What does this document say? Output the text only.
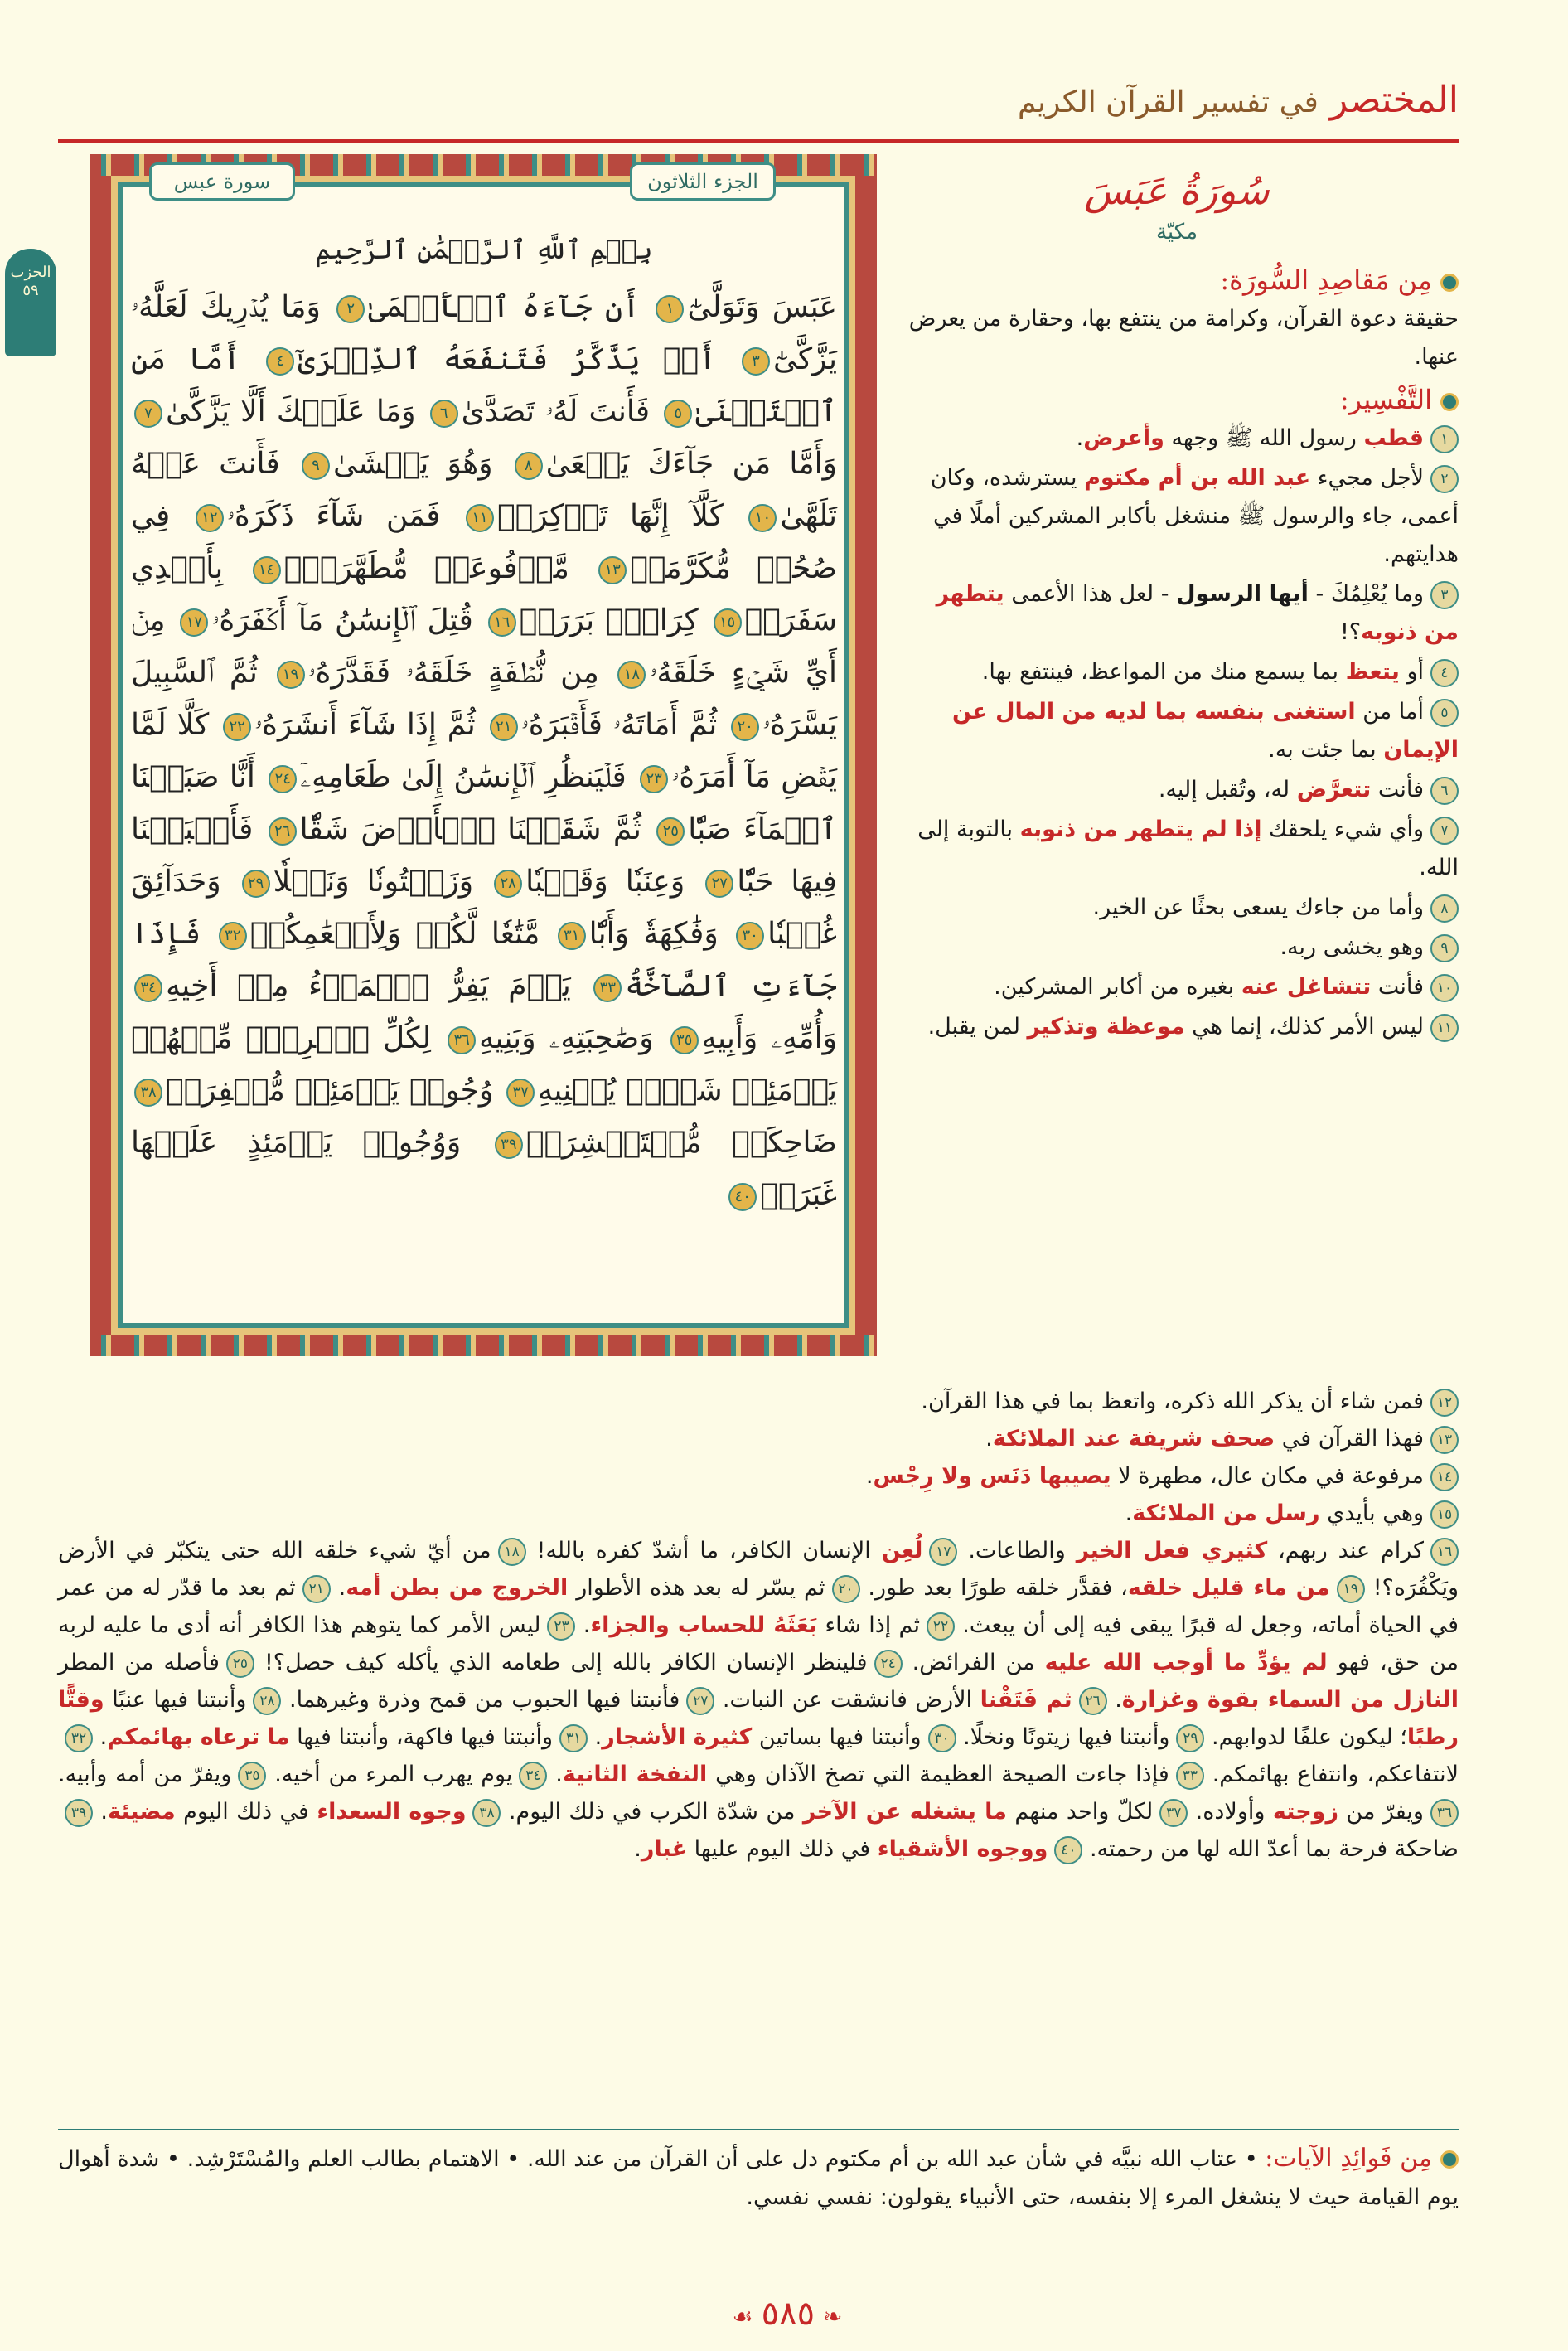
المختصر في تفسير القرآن الكريم
الحزب ٥٩
الجزء الثلاثون
سورة عبس
بِسۡمِ ٱللَّهِ ٱلرَّحۡمَٰنِ ٱلرَّحِيمِ
عَبَسَ وَتَوَلَّىٰٓ١ أَن جَآءَهُ ٱلۡأَعۡمَىٰ٢ وَمَا يُدۡرِيكَ لَعَلَّهُۥ يَزَّكَّىٰٓ٣ أَوۡ يَذَّكَّرُ فَتَنفَعَهُ ٱلذِّكۡرَىٰٓ٤ أَمَّا مَنِ ٱسۡتَغۡنَىٰ٥ فَأَنتَ لَهُۥ تَصَدَّىٰ٦ وَمَا عَلَيۡكَ أَلَّا يَزَّكَّىٰ٧ وَأَمَّا مَن جَآءَكَ يَسۡعَىٰ٨ وَهُوَ يَخۡشَىٰ٩ فَأَنتَ عَنۡهُ تَلَهَّىٰ١٠ كَلَّآ إِنَّهَا تَذۡكِرَةٞ١١ فَمَن شَآءَ ذَكَرَهُۥ١٢ فِي صُحُفٖ مُّكَرَّمَةٖ١٣ مَّرۡفُوعَةٖ مُّطَهَّرَةِۭ١٤ بِأَيۡدِي سَفَرَةٖ١٥ كِرَامِۭ بَرَرَةٖ١٦ قُتِلَ ٱلۡإِنسَٰنُ مَآ أَكۡفَرَهُۥ١٧ مِنۡ أَيِّ شَيۡءٍ خَلَقَهُۥ١٨ مِن نُّطۡفَةٍ خَلَقَهُۥ فَقَدَّرَهُۥ١٩ ثُمَّ ٱلسَّبِيلَ يَسَّرَهُۥ٢٠ ثُمَّ أَمَاتَهُۥ فَأَقۡبَرَهُۥ٢١ ثُمَّ إِذَا شَآءَ أَنشَرَهُۥ٢٢ كَلَّا لَمَّا يَقۡضِ مَآ أَمَرَهُۥ٢٣ فَلۡيَنظُرِ ٱلۡإِنسَٰنُ إِلَىٰ طَعَامِهِۦٓ٢٤ أَنَّا صَبَبۡنَا ٱلۡمَآءَ صَبّٗا٢٥ ثُمَّ شَقَقۡنَا ٱلۡأَرۡضَ شَقّٗا٢٦ فَأَنۢبَتۡنَا فِيهَا حَبّٗا٢٧ وَعِنَبٗا وَقَضۡبٗا٢٨ وَزَيۡتُونٗا وَنَخۡلٗا٢٩ وَحَدَآئِقَ غُلۡبٗا٣٠ وَفَٰكِهَةٗ وَأَبّٗا٣١ مَّتَٰعٗا لَّكُمۡ وَلِأَنۡعَٰمِكُمۡ٣٢ فَإِذَا جَآءَتِ ٱلصَّآخَّةُ٣٣ يَوۡمَ يَفِرُّ ٱلۡمَرۡءُ مِنۡ أَخِيهِ٣٤ وَأُمِّهِۦ وَأَبِيهِ٣٥ وَصَٰحِبَتِهِۦ وَبَنِيهِ٣٦ لِكُلِّ ٱمۡرِيٕٖ مِّنۡهُمۡ يَوۡمَئِذٖ شَأۡنٞ يُغۡنِيهِ٣٧ وُجُوهٞ يَوۡمَئِذٖ مُّسۡفِرَةٞ٣٨ ضَاحِكَةٞ مُّسۡتَبۡشِرَةٞ٣٩ وَوُجُوهٞ يَوۡمَئِذٍ عَلَيۡهَا غَبَرَةٞ٤٠
سُورَةُ عَبَسَ
مكيّة
مِن مَقاصِدِ السُّورَة:
حقيقة دعوة القرآن، وكرامة من ينتفع بها، وحقارة من يعرض عنها.
التَّفْسِير:
١قطب رسول الله ﷺ وجهه وأعرض.
٢لأجل مجيء عبد الله بن أم مكتوم يسترشده، وكان أعمى، جاء والرسول ﷺ منشغل بأكابر المشركين أملًا في هدايتهم.
٣وما يُعْلِمُكَ - أيها الرسول - لعل هذا الأعمى يتطهر من ذنوبه؟!
٤أو يتعظ بما يسمع منك من المواعظ، فينتفع بها.
٥أما من استغنى بنفسه بما لديه من المال عن الإيمان بما جئت به.
٦فأنت تتعرَّض له، وتُقبل إليه.
٧وأي شيء يلحقك إذا لم يتطهر من ذنوبه بالتوبة إلى الله.
٨وأما من جاءك يسعى بحثًا عن الخير.
٩وهو يخشى ربه.
١٠فأنت تتشاغل عنه بغيره من أكابر المشركين.
١١ليس الأمر كذلك، إنما هي موعظة وتذكير لمن يقبل.
١٢فمن شاء أن يذكر الله ذكره، واتعظ بما في هذا القرآن.
١٣فهذا القرآن في صحف شريفة عند الملائكة.
١٤مرفوعة في مكان عال، مطهرة لا يصيبها دَنَس ولا رِجْس.
١٥وهي بأيدي رسل من الملائكة.
١٦كرام عند ربهم، كثيري فعل الخير والطاعات. ١٧لُعِن الإنسان الكافر، ما أشدّ كفره بالله! ١٨من أيّ شيء خلقه الله حتى يتكبّر في الأرض ويَكْفُرَه؟! ١٩من ماء قليل خلقه، فقدَّر خلقه طورًا بعد طور. ٢٠ثم يسّر له بعد هذه الأطوار الخروج من بطن أمه. ٢١ثم بعد ما قدّر له من عمر في الحياة أماته، وجعل له قبرًا يبقى فيه إلى أن يبعث. ٢٢ثم إذا شاء بَعَثَهُ للحساب والجزاء. ٢٣ليس الأمر كما يتوهم هذا الكافر أنه أدى ما عليه لربه من حق، فهو لم يؤدِّ ما أوجب الله عليه من الفرائض. ٢٤فلينظر الإنسان الكافر بالله إلى طعامه الذي يأكله كيف حصل؟! ٢٥فأصله من المطر النازل من السماء بقوة وغزارة. ٢٦ثم فَتَقْنا الأرض فانشقت عن النبات. ٢٧فأنبتنا فيها الحبوب من قمح وذرة وغيرهما. ٢٨وأنبتنا فيها عنبًا وقتًّا رطبًا؛ ليكون علفًا لدوابهم. ٢٩وأنبتنا فيها زيتونًا ونخلًا. ٣٠وأنبتنا فيها بساتين كثيرة الأشجار. ٣١وأنبتنا فيها فاكهة، وأنبتنا فيها ما ترعاه بهائمكم. ٣٢لانتفاعكم، وانتفاع بهائمكم. ٣٣فإذا جاءت الصيحة العظيمة التي تصخ الآذان وهي النفخة الثانية. ٣٤يوم يهرب المرء من أخيه. ٣٥ويفرّ من أمه وأبيه. ٣٦ويفرّ من زوجته وأولاده. ٣٧لكلّ واحد منهم ما يشغله عن الآخر من شدّة الكرب في ذلك اليوم. ٣٨وجوه السعداء في ذلك اليوم مضيئة. ٣٩ضاحكة فرحة بما أعدّ الله لها من رحمته. ٤٠ووجوه الأشقياء في ذلك اليوم عليها غبار.
مِن فَوائِدِ الآيات: • عتاب الله نبيَّه في شأن عبد الله بن أم مكتوم دل على أن القرآن من عند الله. • الاهتمام بطالب العلم والمُسْتَرْشِد. • شدة أهوال يوم القيامة حيث لا ينشغل المرء إلا بنفسه، حتى الأنبياء يقولون: نفسي نفسي.
❧٥٨٥☙
